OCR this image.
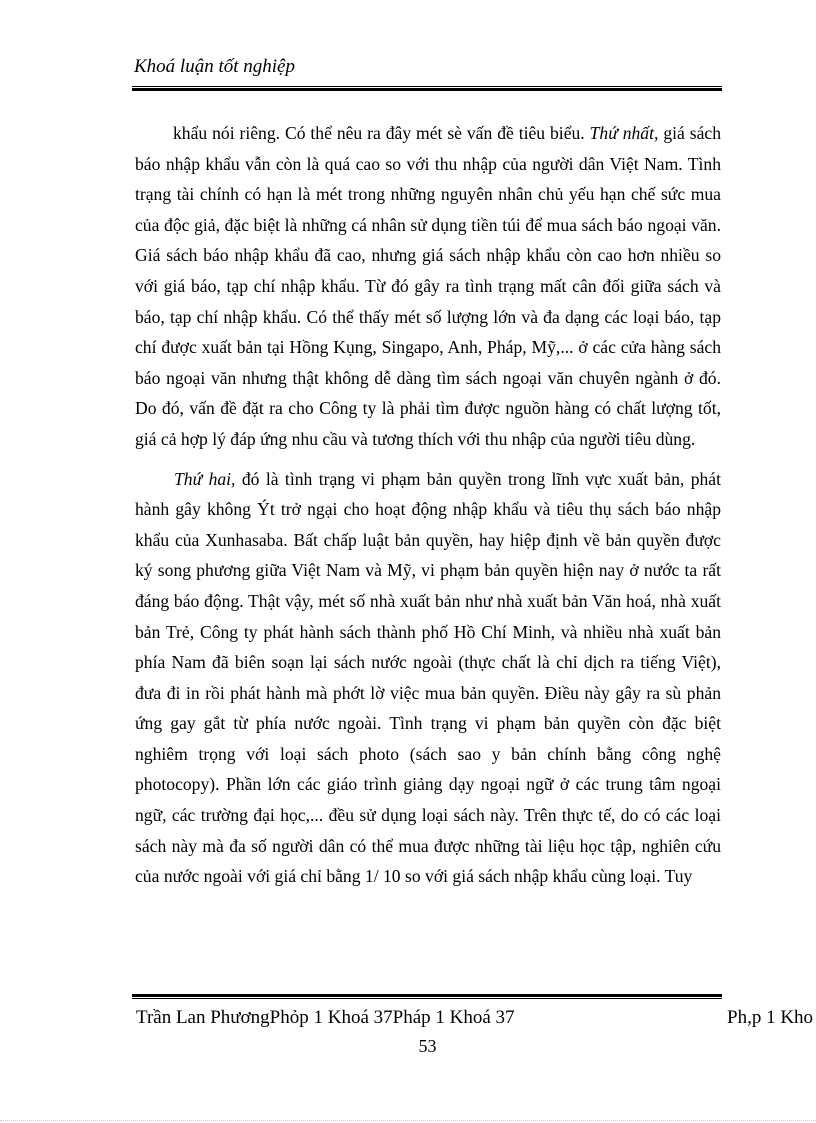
Khoá luận tốt nghiệp

khẩu nói riêng. Có thể nêu ra đây mét sè vấn đề tiêu biểu. Thứ nhất, giá sách báo nhập khẩu vẫn còn là quá cao so với thu nhập của người dân Việt Nam. Tình trạng tài chính có hạn là mét trong những nguyên nhân chủ yếu hạn chế sức mua của độc giả, đặc biệt là những cá nhân sử dụng tiền túi để mua sách báo ngoại văn. Giá sách báo nhập khẩu đã cao, nhưng giá sách nhập khẩu còn cao hơn nhiều so với giá báo, tạp chí nhập khẩu. Từ đó gây ra tình trạng mất cân đối giữa sách và báo, tạp chí nhập khẩu. Có thể thấy mét số lượng lớn và đa dạng các loại báo, tạp chí được xuất bản tại Hồng Kụng, Singapo, Anh, Pháp, Mỹ,... ở các cửa hàng sách báo ngoại văn nhưng thật không dễ dàng tìm sách ngoại văn chuyên ngành ở đó. Do đó, vấn đề đặt ra cho Công ty là phải tìm được nguồn hàng có chất lượng tốt, giá cả hợp lý đáp ứng nhu cầu và tương thích với thu nhập của người tiêu dùng.

Thứ hai, đó là tình trạng vi phạm bản quyền trong lĩnh vực xuất bản, phát hành gây không Ýt trở ngại cho hoạt động nhập khẩu và tiêu thụ sách báo nhập khẩu của Xunhasaba. Bất chấp luật bản quyền, hay hiệp định về bản quyền được ký song phương giữa Việt Nam và Mỹ, vi phạm bản quyền hiện nay ở nước ta rất đáng báo động. Thật vậy, mét số nhà xuất bản như nhà xuất bản Văn hoá, nhà xuất bản Trẻ, Công ty phát hành sách thành phố Hồ Chí Minh, và nhiều nhà xuất bản phía Nam đã biên soạn lại sách nước ngoài (thực chất là chỉ dịch ra tiếng Việt), đưa đi in rồi phát hành mà phớt lờ việc mua bản quyền. Điều này gây ra sù phản ứng gay gắt từ phía nước ngoài. Tình trạng vi phạm bản quyền còn đặc biệt nghiêm trọng với loại sách photo (sách sao y bản chính bằng công nghệ photocopy). Phần lớn các giáo trình giảng dạy ngoại ngữ ở các trung tâm ngoại ngữ, các trường đại học,... đều sử dụng loại sách này. Trên thực tế, do có các loại sách này mà đa số người dân có thể mua được những tài liệu học tập, nghiên cứu của nước ngoài với giá chỉ bằng 1/ 10 so với giá sách nhập khẩu cùng loại. Tuy

Trần Lan PhươngPhỏp 1 Khoá 37Pháp 1 Khoá 37	Ph,p 1 Kho
53
